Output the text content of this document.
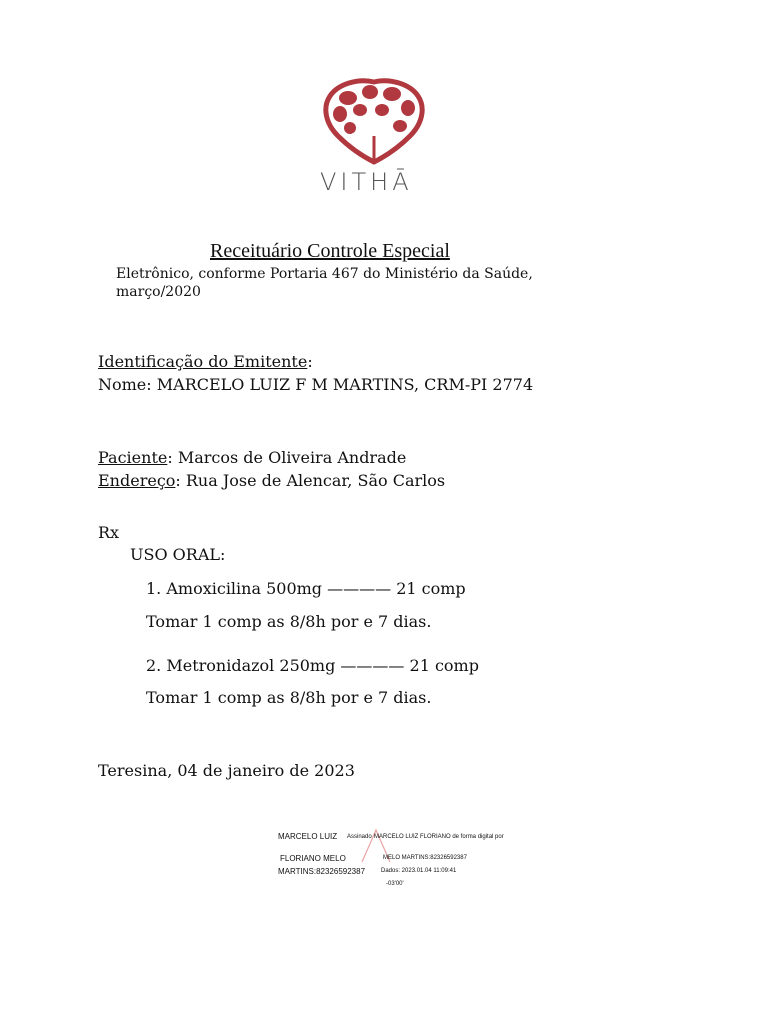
VITHĀ
Receituário Controle Especial
Eletrônico, conforme Portaria 467 do Ministério da Saúde,
março/2020
Identificação do Emitente:
Nome: MARCELO LUIZ F M MARTINS, CRM-PI 2774
Paciente: Marcos de Oliveira Andrade
Endereço: Rua Jose de Alencar, São Carlos
Rx
USO ORAL:
1. Amoxicilina 500mg ———— 21 comp
Tomar 1 comp as 8/8h por e 7 dias.
2. Metronidazol 250mg ———— 21 comp
Tomar 1 comp as 8/8h por e 7 dias.
Teresina, 04 de janeiro de 2023
MARCELO LUIZ Assinado MARCELO LUIZ FLORIANO de forma digital por
FLORIANO MELO	MELO MARTINS:82326592387
MARTINS:82326592387	Dados: 2023.01.04 11:09:41
-03'00'
